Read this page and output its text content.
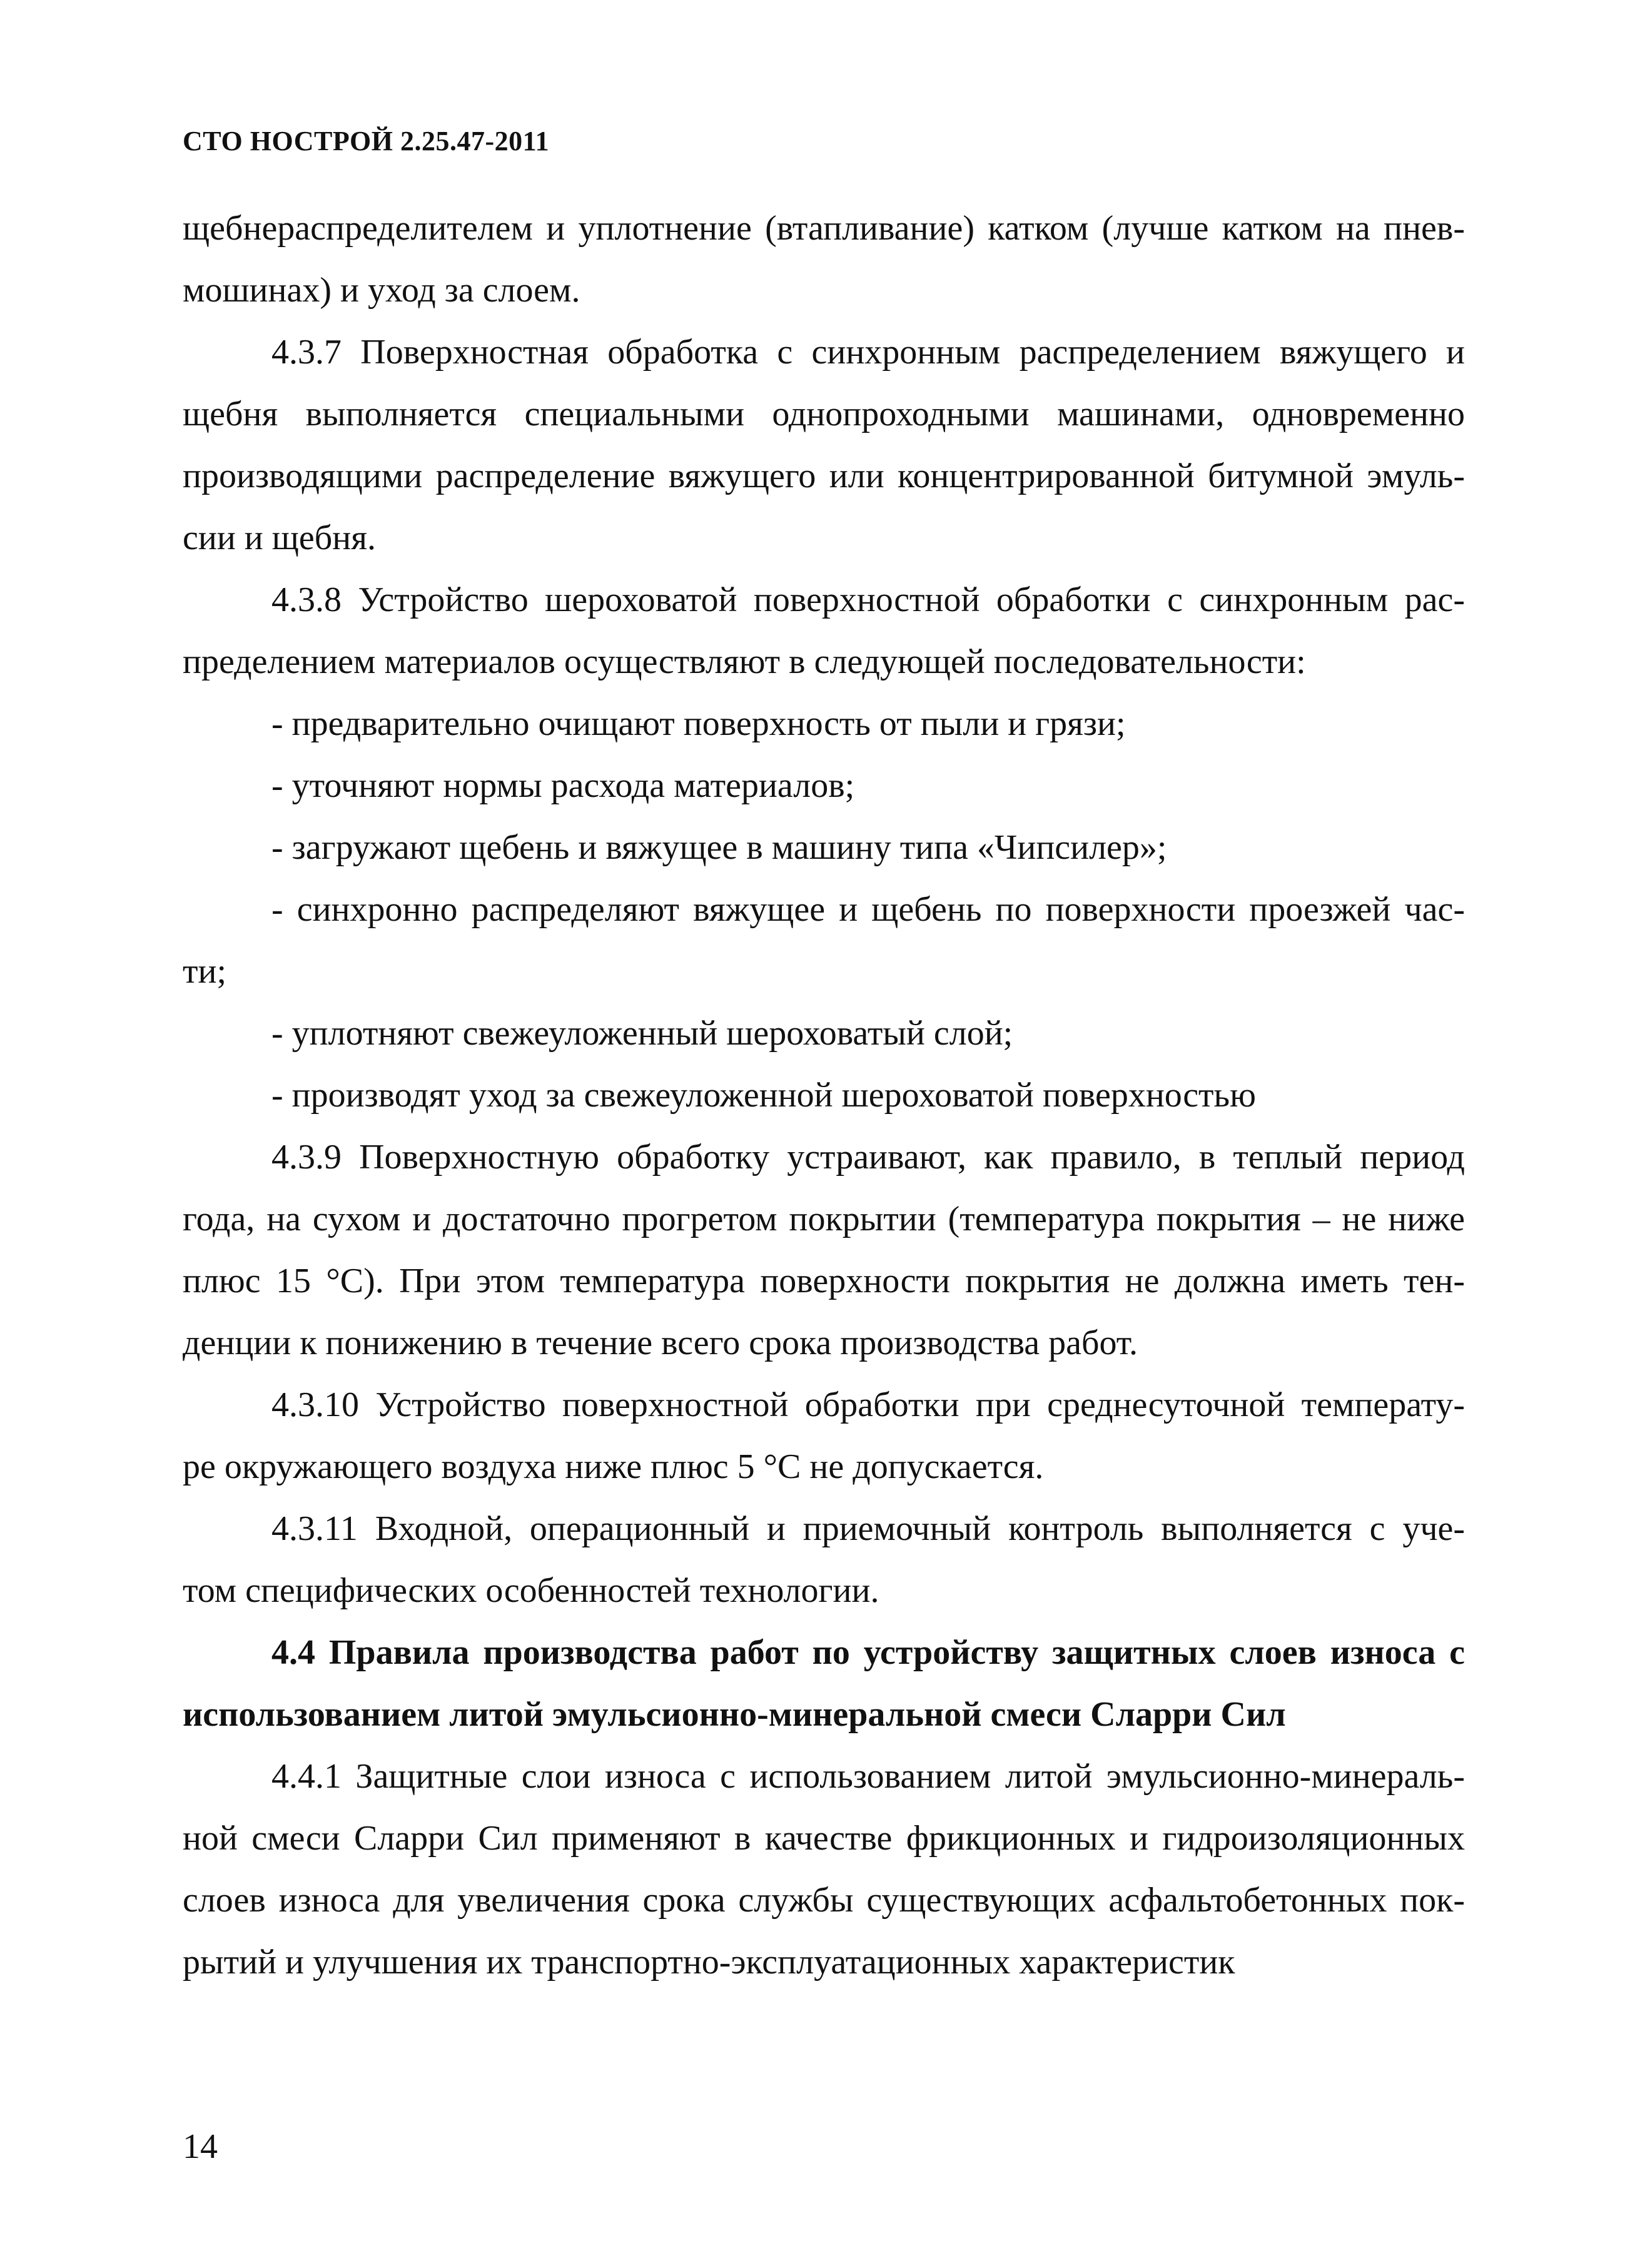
СТО НОСТРОЙ 2.25.47-2011
щебнераспределителем и уплотнение (втапливание) катком (лучше катком на пнев-
мошинах) и уход за слоем.
4.3.7 Поверхностная обработка с синхронным распределением вяжущего и
щебня выполняется специальными однопроходными машинами, одновременно
производящими распределение вяжущего или концентрированной битумной эмуль-
сии и щебня.
4.3.8 Устройство шероховатой поверхностной обработки с синхронным рас-
пределением материалов осуществляют в следующей последовательности:
- предварительно очищают поверхность от пыли и грязи;
- уточняют нормы расхода материалов;
- загружают щебень и вяжущее в машину типа «Чипсилер»;
- синхронно распределяют вяжущее и щебень по поверхности проезжей час-
ти;
- уплотняют свежеуложенный шероховатый слой;
- производят уход за свежеуложенной шероховатой поверхностью
4.3.9 Поверхностную обработку устраивают, как правило, в теплый период
года, на сухом и достаточно прогретом покрытии (температура покрытия – не ниже
плюс 15 °С). При этом температура поверхности покрытия не должна иметь тен-
денции к понижению в течение всего срока производства работ.
4.3.10 Устройство поверхностной обработки при среднесуточной температу-
ре окружающего воздуха ниже плюс 5 °С не допускается.
4.3.11 Входной, операционный и приемочный контроль выполняется с уче-
том специфических особенностей технологии.
4.4 Правила производства работ по устройству защитных слоев износа с
использованием литой эмульсионно-минеральной смеси Сларри Сил
4.4.1 Защитные слои износа с использованием литой эмульсионно-минераль-
ной смеси Сларри Сил применяют в качестве фрикционных и гидроизоляционных
слоев износа для увеличения срока службы существующих асфальтобетонных пок-
рытий и улучшения их транспортно-эксплуатационных характеристик
14
